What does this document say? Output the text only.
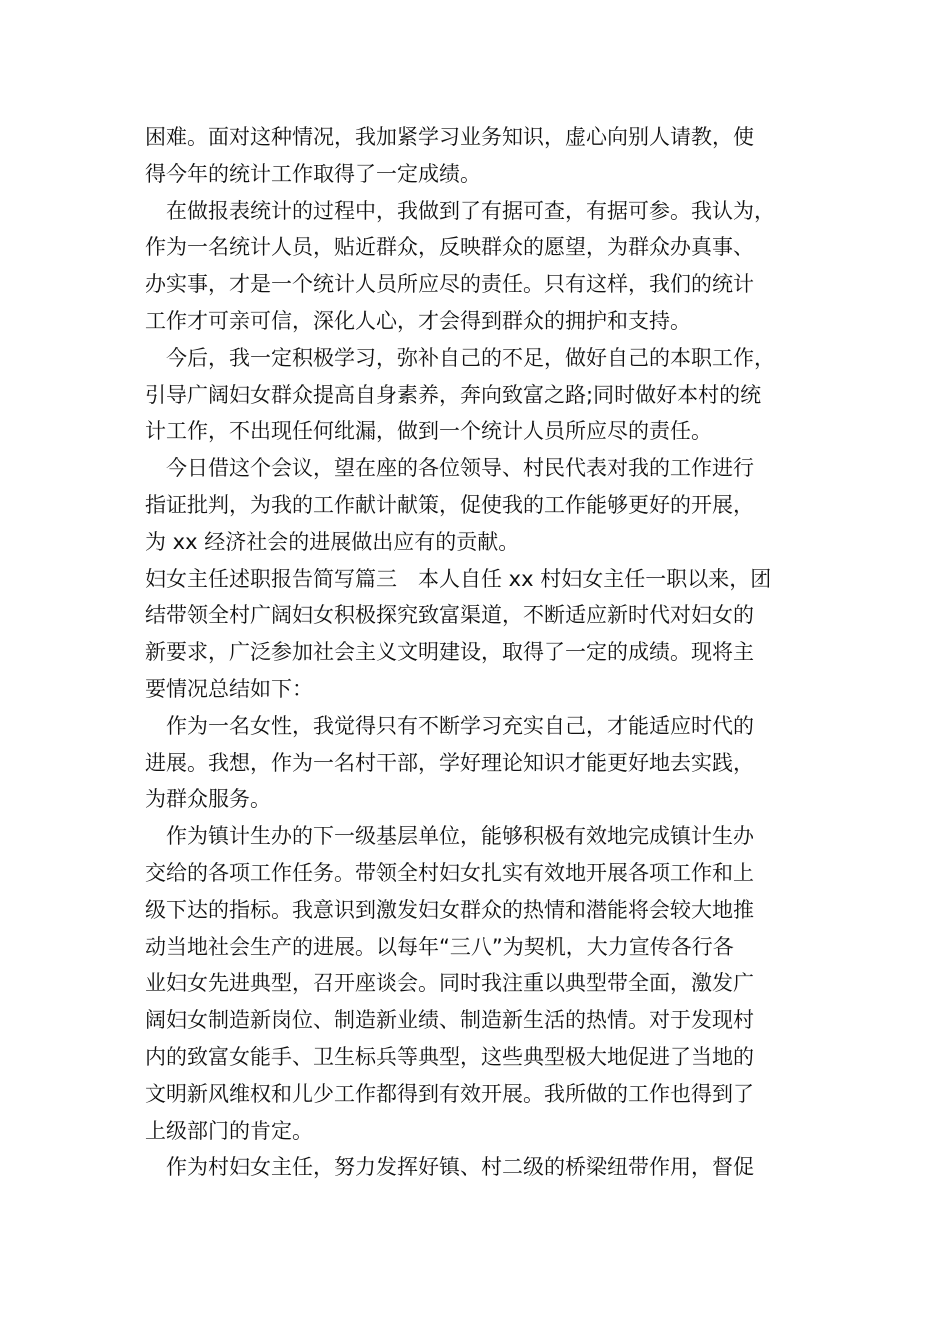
困难。面对这种情况，我加紧学习业务知识，虚心向别人请教，使
得今年的统计工作取得了一定成绩。
在做报表统计的过程中，我做到了有据可查，有据可参。我认为，
作为一名统计人员，贴近群众，反映群众的愿望，为群众办真事、
办实事，才是一个统计人员所应尽的责任。只有这样，我们的统计
工作才可亲可信，深化人心，才会得到群众的拥护和支持。
今后，我一定积极学习，弥补自己的不足，做好自己的本职工作，
引导广阔妇女群众提高自身素养，奔向致富之路;同时做好本村的统
计工作，不出现任何纰漏，做到一个统计人员所应尽的责任。
今日借这个会议，望在座的各位领导、村民代表对我的工作进行
指证批判，为我的工作献计献策，促使我的工作能够更好的开展，
为 xx 经济社会的进展做出应有的贡献。
妇女主任述职报告简写篇三　本人自任 xx 村妇女主任一职以来，团
结带领全村广阔妇女积极探究致富渠道，不断适应新时代对妇女的
新要求，广泛参加社会主义文明建设，取得了一定的成绩。现将主
要情况总结如下：
作为一名女性，我觉得只有不断学习充实自己，才能适应时代的
进展。我想，作为一名村干部，学好理论知识才能更好地去实践，
为群众服务。
作为镇计生办的下一级基层单位，能够积极有效地完成镇计生办
交给的各项工作任务。带领全村妇女扎实有效地开展各项工作和上
级下达的指标。我意识到激发妇女群众的热情和潜能将会较大地推
动当地社会生产的进展。以每年“三八”为契机，大力宣传各行各
业妇女先进典型，召开座谈会。同时我注重以典型带全面，激发广
阔妇女制造新岗位、制造新业绩、制造新生活的热情。对于发现村
内的致富女能手、卫生标兵等典型，这些典型极大地促进了当地的
文明新风维权和儿少工作都得到有效开展。我所做的工作也得到了
上级部门的肯定。
作为村妇女主任，努力发挥好镇、村二级的桥梁纽带作用，督促
